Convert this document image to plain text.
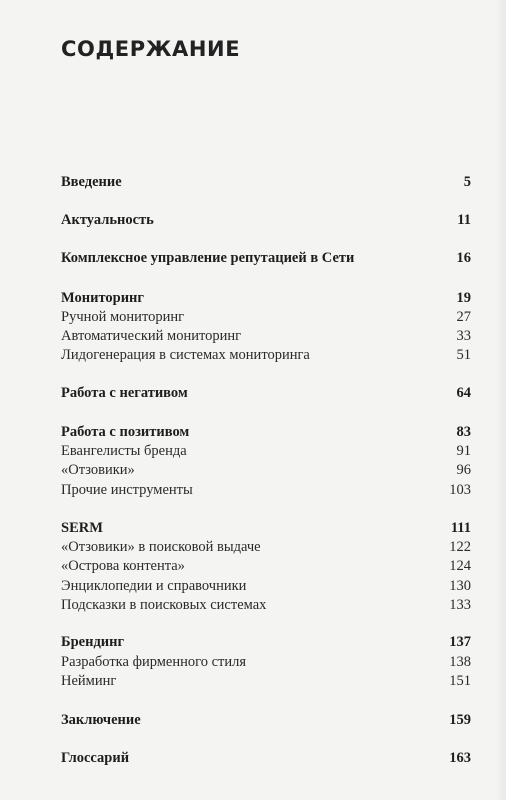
СОДЕРЖАНИЕ
Введение	5
Актуальность	11
Комплексное управление репутацией в Сети	16
Мониторинг	19
Ручной мониторинг	27
Автоматический мониторинг	33
Лидогенерация в системах мониторинга	51
Работа с негативом	64
Работа с позитивом	83
Евангелисты бренда	91
«Отзовики»	96
Прочие инструменты	103
SERM	111
«Отзовики» в поисковой выдаче	122
«Острова контента»	124
Энциклопедии и справочники	130
Подсказки в поисковых системах	133
Брендинг	137
Разработка фирменного стиля	138
Нейминг	151
Заключение	159
Глоссарий	163
